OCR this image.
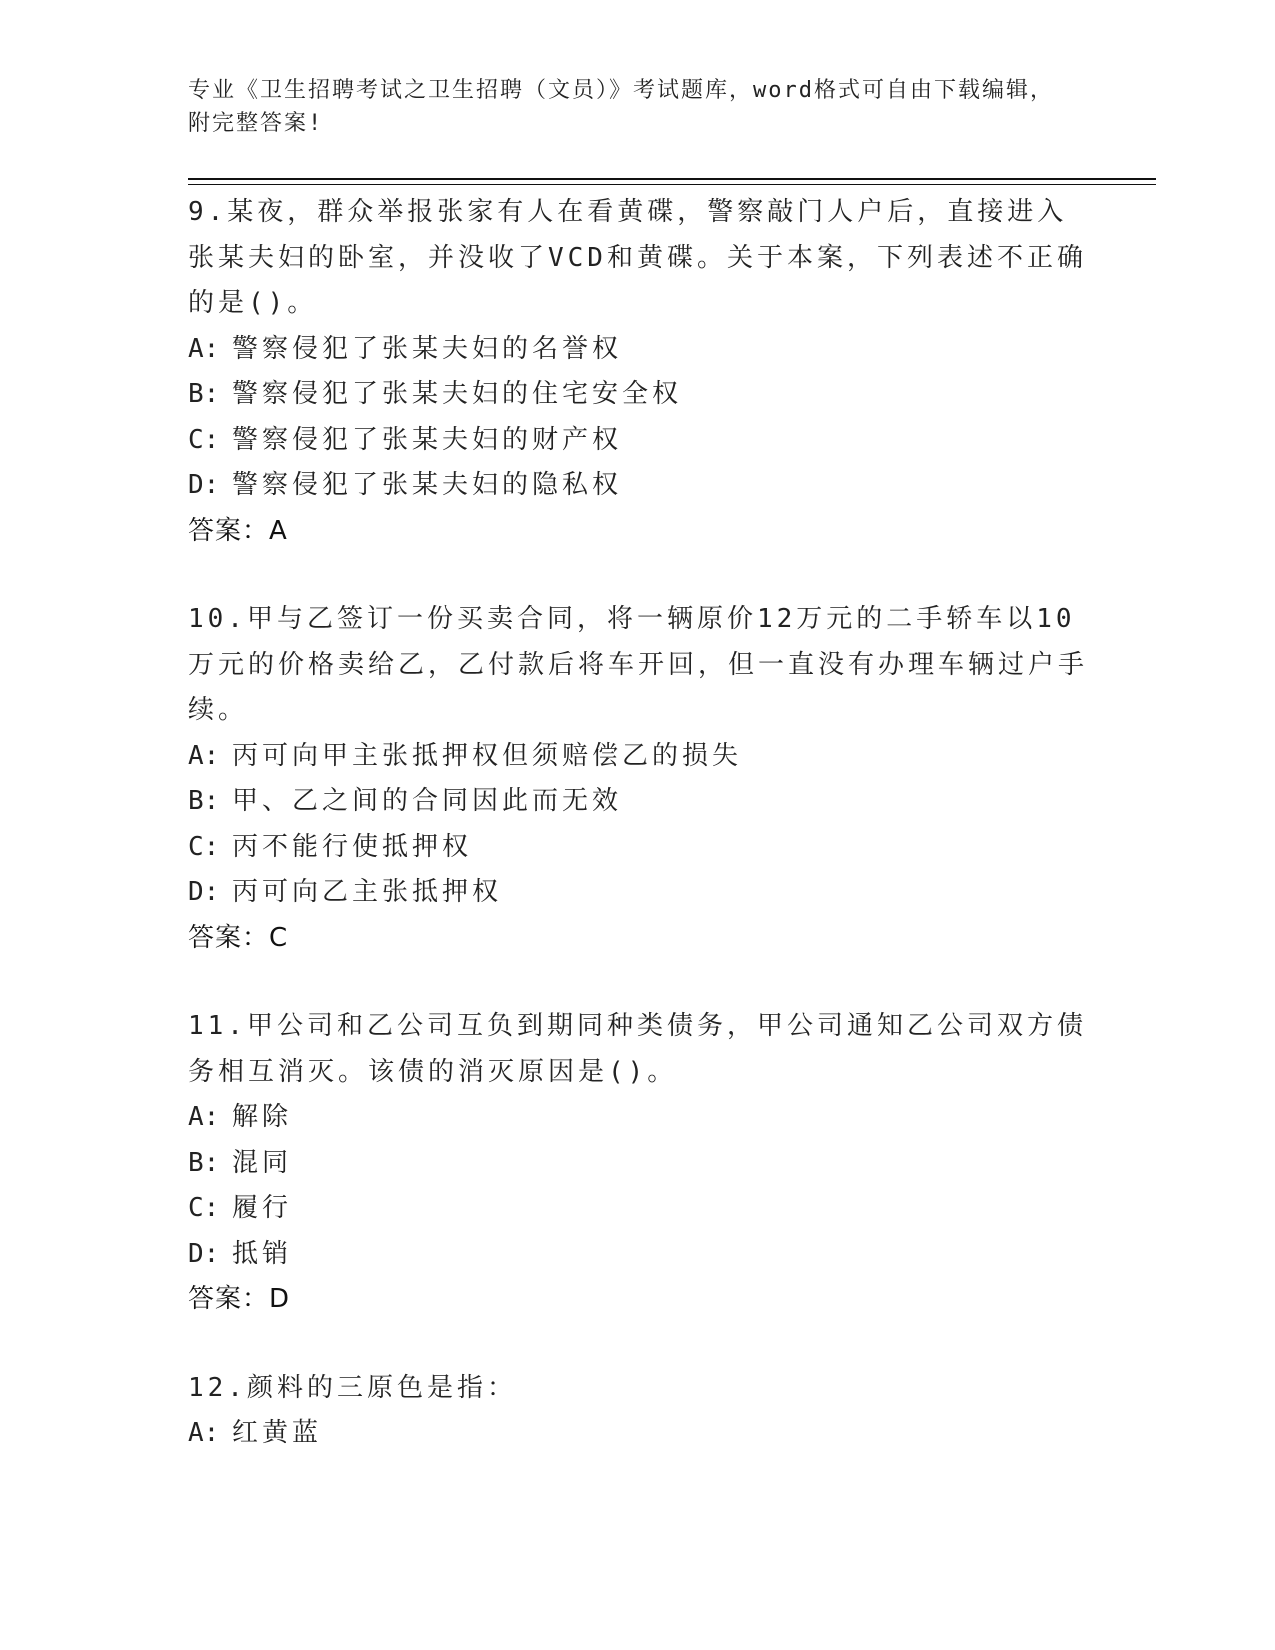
专业《卫生招聘考试之卫生招聘（文员）》考试题库，word格式可自由下载编辑，附完整答案!

9.某夜，群众举报张家有人在看黄碟，警察敲门人户后，直接进入张某夫妇的卧室，并没收了VCD和黄碟。关于本案，下列表述不正确的是()。

A: 警察侵犯了张某夫妇的名誉权

B: 警察侵犯了张某夫妇的住宅安全权

C: 警察侵犯了张某夫妇的财产权

D: 警察侵犯了张某夫妇的隐私权

答案：A

10.甲与乙签订一份买卖合同，将一辆原价12万元的二手轿车以10万元的价格卖给乙，乙付款后将车开回，但一直没有办理车辆过户手续。

A: 丙可向甲主张抵押权但须赔偿乙的损失

B: 甲、乙之间的合同因此而无效

C: 丙不能行使抵押权

D: 丙可向乙主张抵押权

答案：C

11.甲公司和乙公司互负到期同种类债务，甲公司通知乙公司双方债务相互消灭。该债的消灭原因是()。

A: 解除

B: 混同

C: 履行

D: 抵销

答案：D

12.颜料的三原色是指：

A: 红黄蓝
